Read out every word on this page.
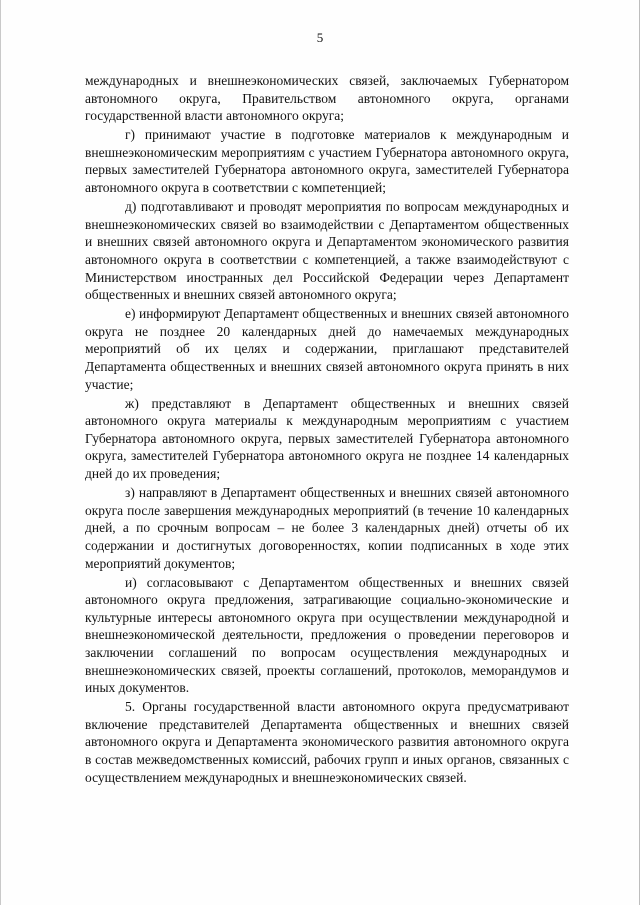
5

международных и внешнеэкономических связей, заключаемых Губернатором автономного округа, Правительством автономного округа, органами государственной власти автономного округа;

г) принимают участие в подготовке материалов к международным и внешнеэкономическим мероприятиям с участием Губернатора автономного округа, первых заместителей Губернатора автономного округа, заместителей Губернатора автономного округа в соответствии с компетенцией;

д) подготавливают и проводят мероприятия по вопросам международных и внешнеэкономических связей во взаимодействии с Департаментом общественных и внешних связей автономного округа и Департаментом экономического развития автономного округа в соответствии с компетенцией, а также взаимодействуют с Министерством иностранных дел Российской Федерации через Департамент общественных и внешних связей автономного округа;

е) информируют Департамент общественных и внешних связей автономного округа не позднее 20 календарных дней до намечаемых международных мероприятий об их целях и содержании, приглашают представителей Департамента общественных и внешних связей автономного округа принять в них участие;

ж) представляют в Департамент общественных и внешних связей автономного округа материалы к международным мероприятиям с участием Губернатора автономного округа, первых заместителей Губернатора автономного округа, заместителей Губернатора автономного округа не позднее 14 календарных дней до их проведения;

з) направляют в Департамент общественных и внешних связей автономного округа после завершения международных мероприятий (в течение 10 календарных дней, а по срочным вопросам – не более 3 календарных дней) отчеты об их содержании и достигнутых договоренностях, копии подписанных в ходе этих мероприятий документов;

и) согласовывают с Департаментом общественных и внешних связей автономного округа предложения, затрагивающие социально-экономические и культурные интересы автономного округа при осуществлении международной и внешнеэкономической деятельности, предложения о проведении переговоров и заключении соглашений по вопросам осуществления международных и внешнеэкономических связей, проекты соглашений, протоколов, меморандумов и иных документов.

5. Органы государственной власти автономного округа предусматривают включение представителей Департамента общественных и внешних связей автономного округа и Департамента экономического развития автономного округа в состав межведомственных комиссий, рабочих групп и иных органов, связанных с осуществлением международных и внешнеэкономических связей.
